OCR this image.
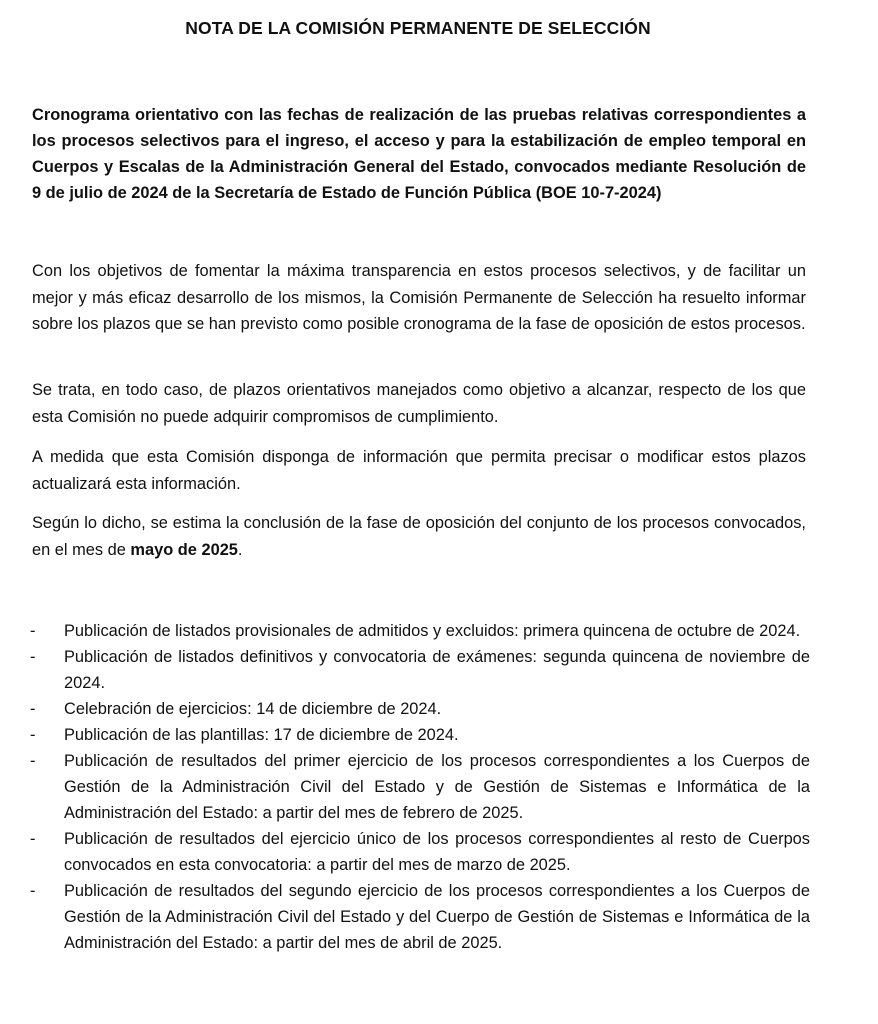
NOTA DE LA COMISIÓN PERMANENTE DE SELECCIÓN
Cronograma orientativo con las fechas de realización de las pruebas relativas correspondientes a los procesos selectivos para el ingreso, el acceso y para la estabilización de empleo temporal en Cuerpos y Escalas de la Administración General del Estado, convocados mediante Resolución de 9 de julio de 2024 de la Secretaría de Estado de Función Pública (BOE 10-7-2024)

Con los objetivos de fomentar la máxima transparencia en estos procesos selectivos, y de facilitar un mejor y más eficaz desarrollo de los mismos, la Comisión Permanente de Selección ha resuelto informar sobre los plazos que se han previsto como posible cronograma de la fase de oposición de estos procesos.

Se trata, en todo caso, de plazos orientativos manejados como objetivo a alcanzar, respecto de los que esta Comisión no puede adquirir compromisos de cumplimiento.

A medida que esta Comisión disponga de información que permita precisar o modificar estos plazos actualizará esta información.

Según lo dicho, se estima la conclusión de la fase de oposición del conjunto de los procesos convocados, en el mes de mayo de 2025.

-	Publicación de listados provisionales de admitidos y excluidos: primera quincena de octubre de 2024.
-	Publicación de listados definitivos y convocatoria de exámenes: segunda quincena de noviembre de 2024.
-	Celebración de ejercicios: 14 de diciembre de 2024.
-	Publicación de las plantillas: 17 de diciembre de 2024.
-	Publicación de resultados del primer ejercicio de los procesos correspondientes a los Cuerpos de Gestión de la Administración Civil del Estado y de Gestión de Sistemas e Informática de la Administración del Estado: a partir del mes de febrero de 2025.
-	Publicación de resultados del ejercicio único de los procesos correspondientes al resto de Cuerpos convocados en esta convocatoria: a partir del mes de marzo de 2025.
-	Publicación de resultados del segundo ejercicio de los procesos correspondientes a los Cuerpos de Gestión de la Administración Civil del Estado y del Cuerpo de Gestión de Sistemas e Informática de la Administración del Estado: a partir del mes de abril de 2025.
